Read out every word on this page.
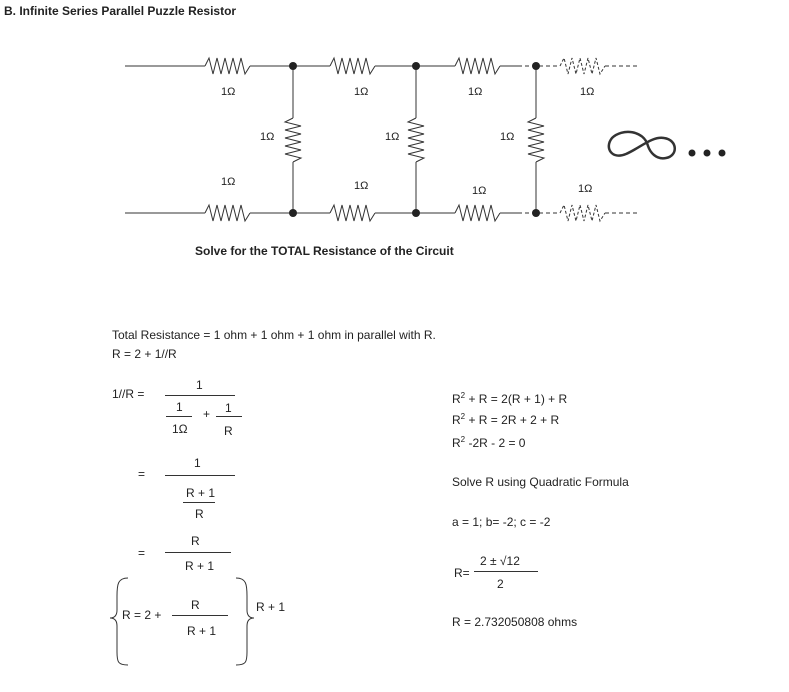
B. Infinite Series Parallel Puzzle Resistor
1Ω	1Ω	1Ω	1Ω
1Ω	1Ω	1Ω
1Ω	1Ω	1Ω	1Ω
Solve for the TOTAL Resistance of the Circuit
Total Resistance = 1 ohm + 1 ohm + 1 ohm in parallel with R.
R = 2 + 1//R
1//R =
1
1
1Ω
+ 1
R
=
1
R + 1
R
=
R
R + 1
R = 2 +
R
R + 1
R + 1
$R^2 + R = 2(R + 1) + R$
$R^2 + R = 2R + 2 + R$
$R^2$ -2R - 2 = 0
Solve R using Quadratic Formula
a = 1; b= -2; c = -2
R=
2 ± √12
2
R = 2.732050808 ohms
